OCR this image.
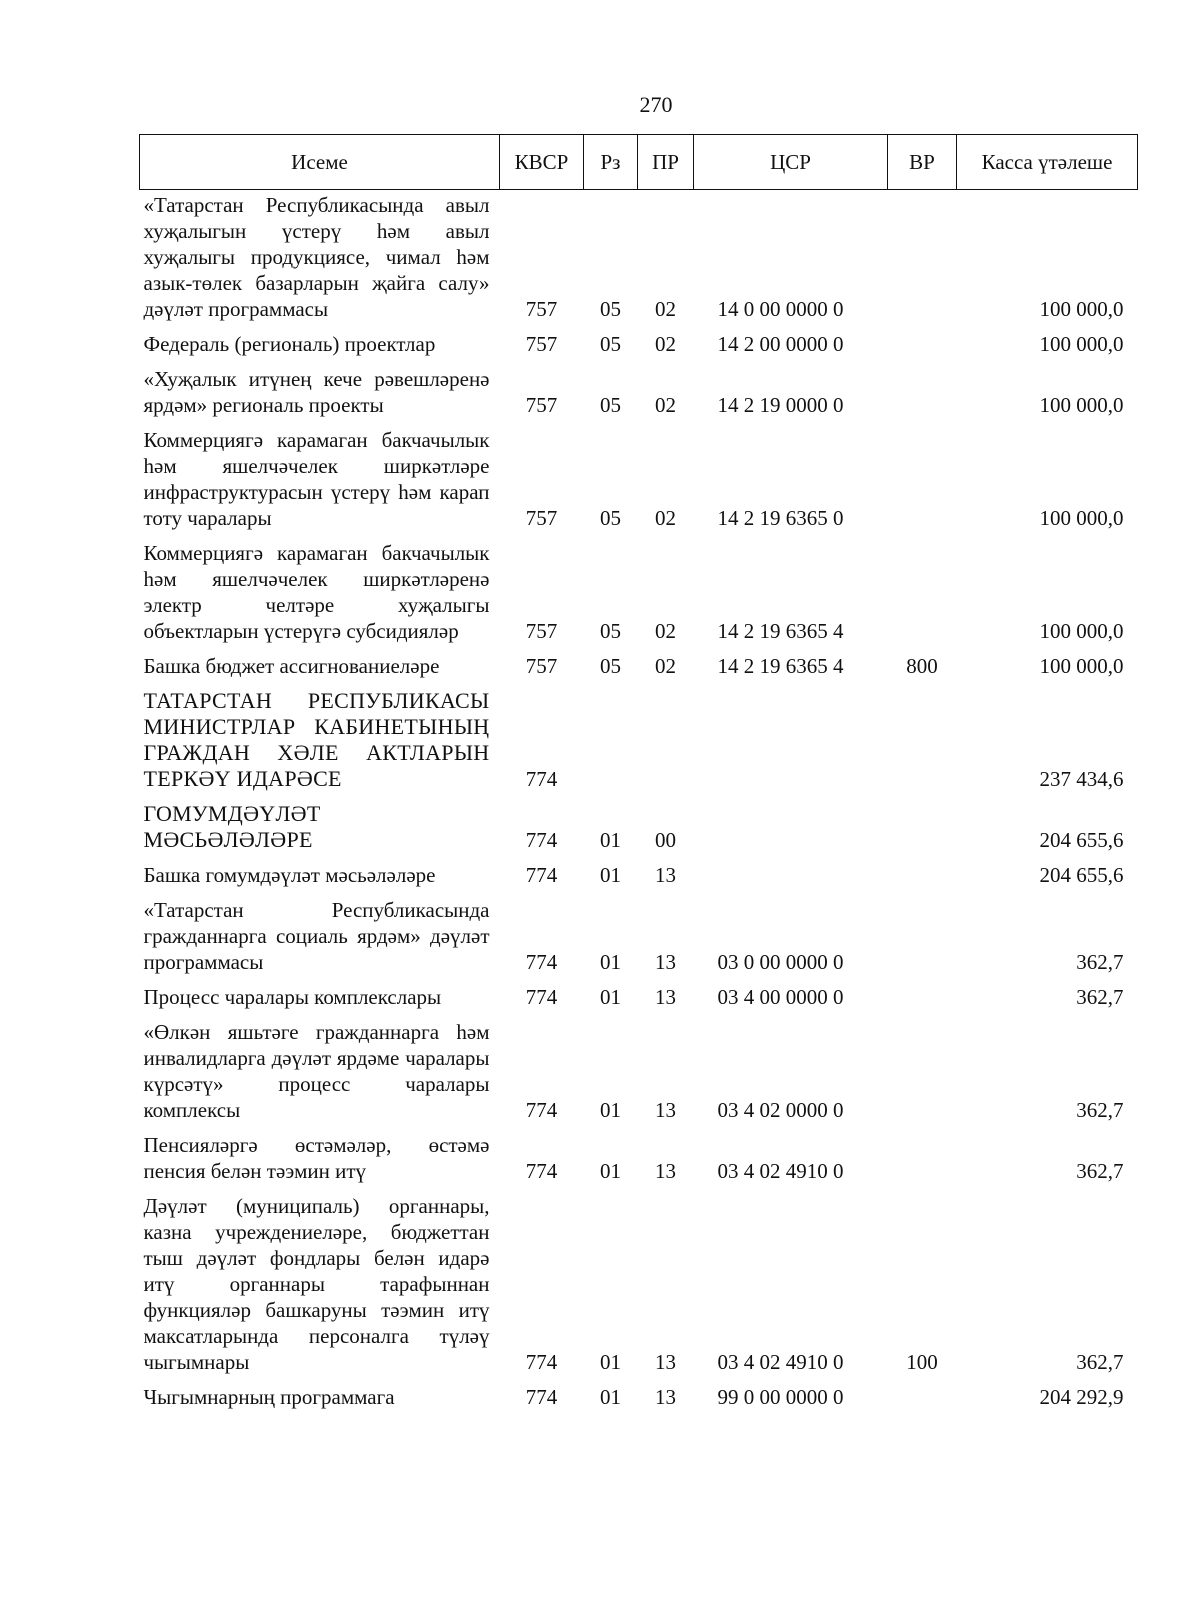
270
Исеме	КВСР	Рз	ПР	ЦСР	ВР	Касса үтәлеше
«Татарстан Республикасында авыл хуҗалыгын үстерү һәм авыл хуҗалыгы продукциясе, чимал һәм азык-төлек базарларын җайга салу» дәүләт программасы	757	05	02	14 0 00 0000 0		100 000,0
Федераль (региональ) проектлар	757	05	02	14 2 00 0000 0		100 000,0
«Хуҗалык итүнең кече рәвешләренә ярдәм» региональ проекты	757	05	02	14 2 19 0000 0		100 000,0
Коммерциягә карамаган бакчачылык һәм яшелчәчелек ширкәтләре инфраструктурасын үстерү һәм карап тоту чаралары	757	05	02	14 2 19 6365 0		100 000,0
Коммерциягә карамаган бакчачылык һәм яшелчәчелек ширкәтләренә электр челтәре хуҗалыгы объектларын үстерүгә субсидияләр	757	05	02	14 2 19 6365 4		100 000,0
Башка бюджет ассигнованиеләре	757	05	02	14 2 19 6365 4	800	100 000,0
ТАТАРСТАН РЕСПУБЛИКАСЫ МИНИСТРЛАР КАБИНЕТЫНЫҢ ГРАЖДАН ХӘЛЕ АКТЛАРЫН ТЕРКӘҮ ИДАРӘСЕ	774					237 434,6
ГОМУМДӘҮЛӘТ МӘСЬӘЛӘЛӘРЕ	774	01	00			204 655,6
Башка гомумдәүләт мәсьәләләре	774	01	13			204 655,6
«Татарстан Республикасында гражданнарга социаль ярдәм» дәүләт программасы	774	01	13	03 0 00 0000 0		362,7
Процесс чаралары комплекслары	774	01	13	03 4 00 0000 0		362,7
«Өлкән яшьтәге гражданнарга һәм инвалидларга дәүләт ярдәме чаралары күрсәтү» процесс чаралары комплексы	774	01	13	03 4 02 0000 0		362,7
Пенсияләргә өстәмәләр, өстәмә пенсия белән тәэмин итү	774	01	13	03 4 02 4910 0		362,7
Дәүләт (муниципаль) органнары, казна учреждениеләре, бюджеттан тыш дәүләт фондлары белән идарә итү органнары тарафыннан функцияләр башкаруны тәэмин итү максатларында персоналга түләү чыгымнары	774	01	13	03 4 02 4910 0	100	362,7
Чыгымнарның программага	774	01	13	99 0 00 0000 0		204 292,9
